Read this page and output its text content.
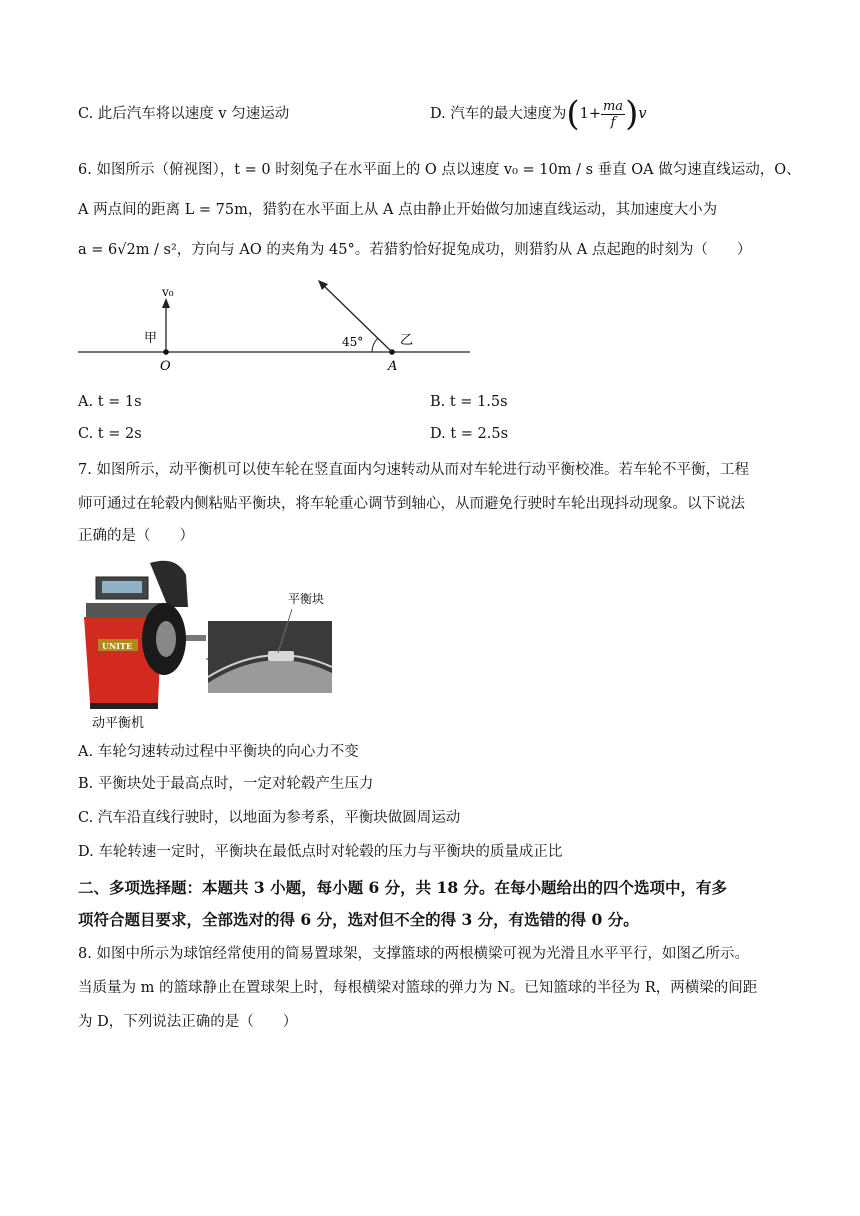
C. 此后汽车将以速度 v 匀速运动	D. 汽车的最大速度为$(1+ \frac{ma}{f} )v$
6. 如图所示（俯视图），t = 0 时刻兔子在水平面上的 O 点以速度 v₀ = 10m / s 垂直 OA 做匀速直线运动，O、
A 两点间的距离 L = 75m，猎豹在水平面上从 A 点由静止开始做匀加速直线运动，其加速度大小为
a = 6√2m / s²，方向与 AO 的夹角为 45°。若猎豹恰好捉兔成功，则猎豹从 A 点起跑的时刻为（　　）
v₀
甲
O
45°	乙
A
A. t = 1s	B. t = 1.5s
C. t = 2s	D. t = 2.5s
7. 如图所示，动平衡机可以使车轮在竖直面内匀速转动从而对车轮进行动平衡校准。若车轮不平衡，工程
师可通过在轮毂内侧粘贴平衡块，将车轮重心调节到轴心，从而避免行驶时车轮出现抖动现象。以下说法
正确的是（　　）
UNITE
动平衡机
平衡块
A. 车轮匀速转动过程中平衡块的向心力不变
B. 平衡块处于最高点时，一定对轮毂产生压力
C. 汽车沿直线行驶时，以地面为参考系，平衡块做圆周运动
D. 车轮转速一定时，平衡块在最低点时对轮毂的压力与平衡块的质量成正比
二、多项选择题：本题共 3 小题，每小题 6 分，共 18 分。在每小题给出的四个选项中，有多
项符合题目要求，全部选对的得 6 分，选对但不全的得 3 分，有选错的得 0 分。
8. 如图中所示为球馆经常使用的简易置球架，支撑篮球的两根横梁可视为光滑且水平平行，如图乙所示。
当质量为 m 的篮球静止在置球架上时，每根横梁对篮球的弹力为 N。已知篮球的半径为 R，两横梁的间距
为 D，下列说法正确的是（　　）
